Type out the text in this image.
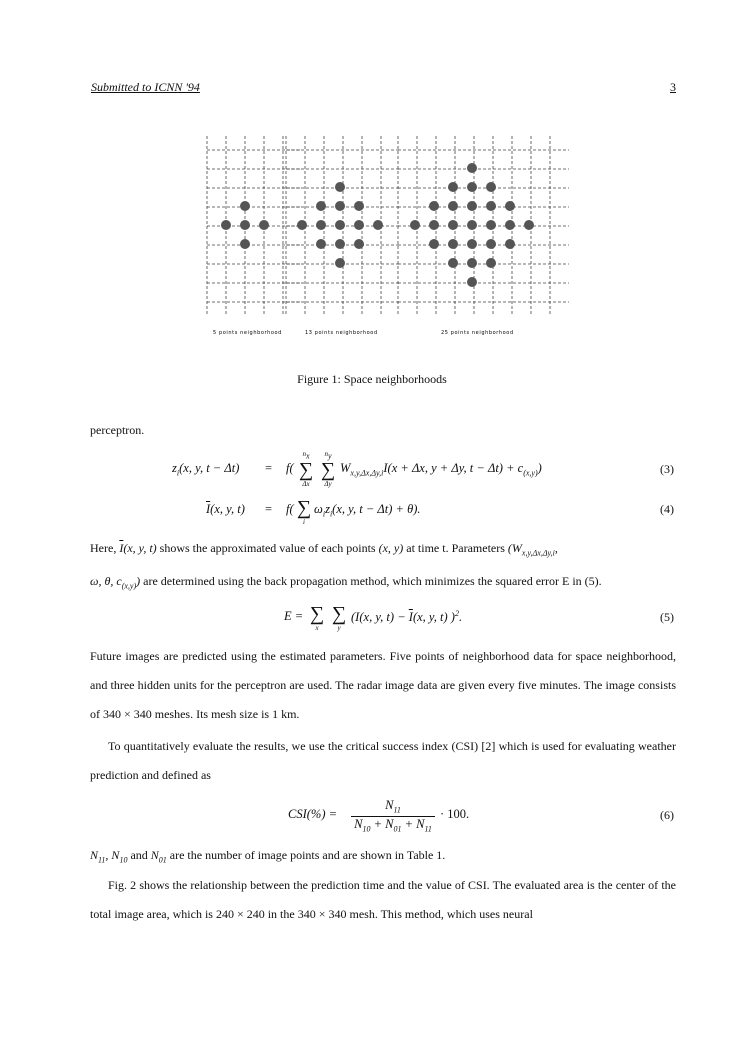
Submitted to ICNN '94	3
5 points neighborhood	13 points neighborhood	25 points neighborhood
Figure 1: Space neighborhoods
perceptron.
$z_i(x$, y, t − Δt) = f(
$n_x$
∑
Δx
$n_y$
∑
Δy
$W_{x,y,\Delta x,\Delta y,i}I(x + \Delta x$, y + Δy, $t - \Delta t) + c_{(x,y)}$)	(3)
$\overline{I}(x$, y, t) = f( ∑
i
$\omega_iz_i(x$, y, t − Δt) + θ).	(4)
Here, $\overline{I}(x$, y, t) shows the approximated value of each points (x, y) at time t. Parameters ($W_{x,y,\Delta x,\Delta y,i}$,
ω, θ, $c_{(x,y)}$) are determined using the back propagation method, which minimizes the squared error E in (5).
E = ∑
x
∑
y
(I(x, y, $t) - \overline{I}(x$, y, t) )$^2$.	(5)
Future images are predicted using the estimated parameters. Five points of neighborhood data for space neighborhood, and three hidden units for the perceptron are used. The radar image data are given every five minutes. The image consists of 340 × 340 meshes. Its mesh size is 1 km.
To quantitatively evaluate the results, we use the critical success index (CSI) [2] which is used for evaluating weather prediction and defined as
CSI(%) =
$N_{11}$
$N_{10} + N_{01} + N_{11}$
· 100.	(6)
$N_{11}$, $N_{10}$ and $N_{01}$ are the number of image points and are shown in Table 1.
Fig. 2 shows the relationship between the prediction time and the value of CSI. The evaluated area is the center of the total image area, which is 240 × 240 in the 340 × 340 mesh. This method, which uses neural
